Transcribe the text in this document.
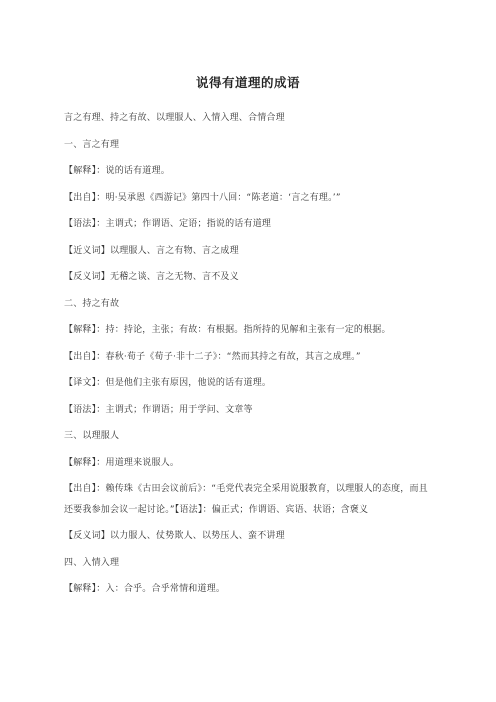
说得有道理的成语
言之有理、持之有故、以理服人、入情入理、合情合理
一、言之有理
【解释】：说的话有道理。
【出自】：明·吴承恩《西游记》第四十八回：“陈老道：‘言之有理。’”
【语法】：主谓式；作谓语、定语；指说的话有道理
【近义词】以理服人、言之有物、言之成理
【反义词】无稽之谈、言之无物、言不及义
二、持之有故
【解释】：持：持论，主张；有故：有根据。指所持的见解和主张有一定的根据。
【出自】：春秋·荀子《荀子·非十二子》：“然而其持之有故，其言之成理。”
【译文】：但是他们主张有原因，他说的话有道理。
【语法】：主谓式；作谓语；用于学问、文章等
三、以理服人
【解释】：用道理来说服人。
【出自】：赖传珠《古田会议前后》：“毛党代表完全采用说服教育，以理服人的态度，而且还要我参加会议一起讨论。”【语法】：偏正式；作谓语、宾语、状语；含褒义
【反义词】以力服人、仗势欺人、以势压人、蛮不讲理
四、入情入理
【解释】：入：合乎。合乎常情和道理。
